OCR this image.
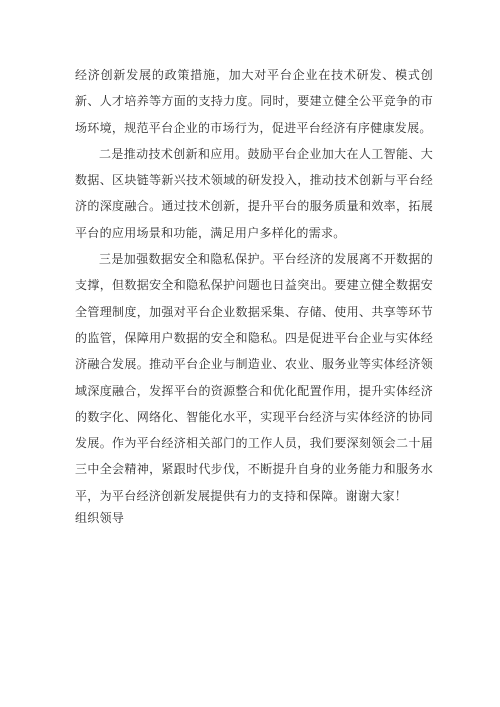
经济创新发展的政策措施，加大对平台企业在技术研发、模式创新、人才培养等方面的支持力度。同时，要建立健全公平竞争的市场环境，规范平台企业的市场行为，促进平台经济有序健康发展。

二是推动技术创新和应用。鼓励平台企业加大在人工智能、大数据、区块链等新兴技术领域的研发投入，推动技术创新与平台经济的深度融合。通过技术创新，提升平台的服务质量和效率，拓展平台的应用场景和功能，满足用户多样化的需求。

三是加强数据安全和隐私保护。平台经济的发展离不开数据的支撑，但数据安全和隐私保护问题也日益突出。要建立健全数据安全管理制度，加强对平台企业数据采集、存储、使用、共享等环节的监管，保障用户数据的安全和隐私。四是促进平台企业与实体经济融合发展。推动平台企业与制造业、农业、服务业等实体经济领域深度融合，发挥平台的资源整合和优化配置作用，提升实体经济的数字化、网络化、智能化水平，实现平台经济与实体经济的协同发展。作为平台经济相关部门的工作人员，我们要深刻领会二十届三中全会精神，紧跟时代步伐，不断提升自身的业务能力和服务水平，为平台经济创新发展提供有力的支持和保障。谢谢大家！

组织领导
